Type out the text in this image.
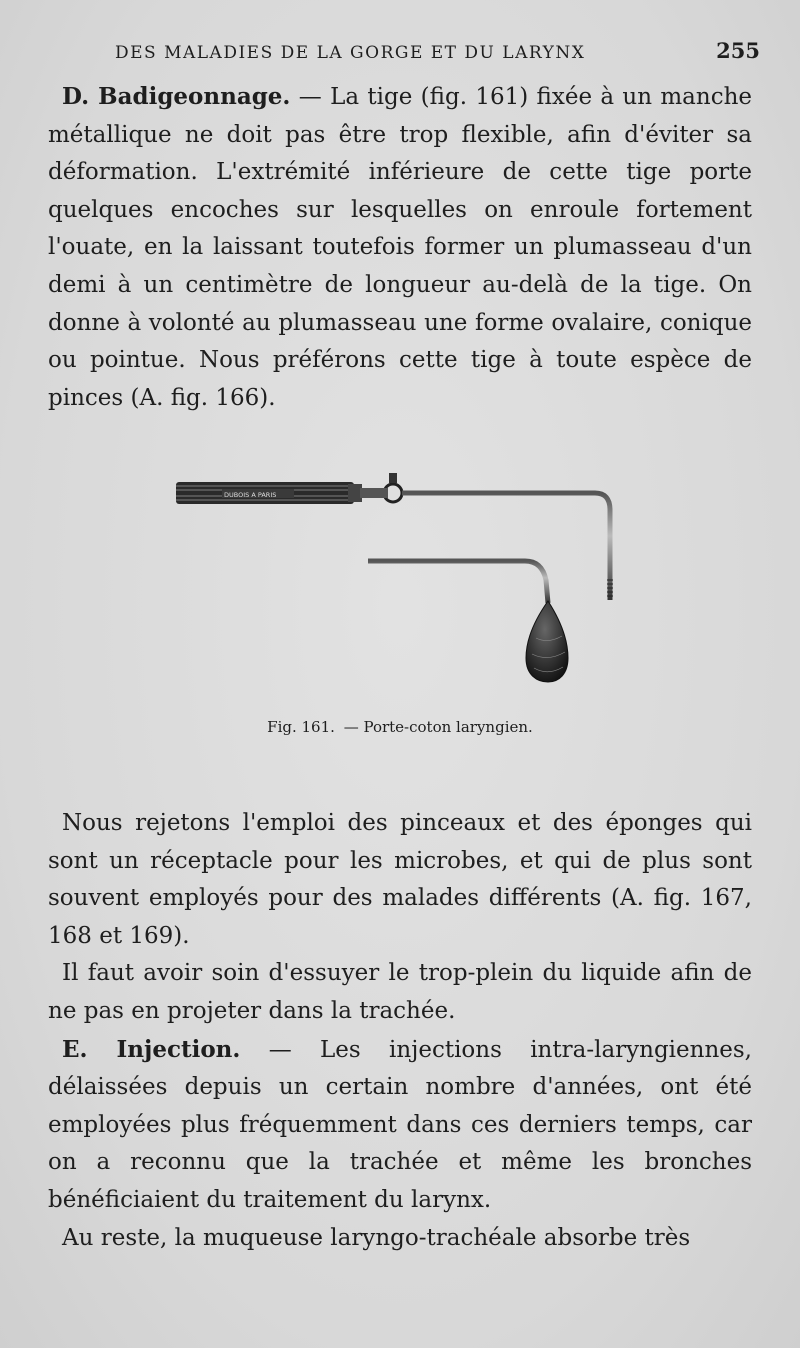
DES MALADIES DE LA GORGE ET DU LARYNX	255

D. Badigeonnage. — La tige (fig. 161) fixée à un manche métallique ne doit pas être trop flexible, afin d'éviter sa déformation. L'extrémité inférieure de cette tige porte quelques encoches sur lesquelles on enroule fortement l'ouate, en la laissant toutefois former un plumasseau d'un demi à un centimètre de longueur au-delà de la tige. On donne à volonté au plumasseau une forme ovalaire, conique ou pointue. Nous préférons cette tige à toute espèce de pinces (A. fig. 166).

DUBOIS A PARIS
Fig. 161. — Porte-coton laryngien.

Nous rejetons l'emploi des pinceaux et des éponges qui sont un réceptacle pour les microbes, et qui de plus sont souvent employés pour des malades différents (A. fig. 167, 168 et 169).

Il faut avoir soin d'essuyer le trop-plein du liquide afin de ne pas en projeter dans la trachée.

E. Injection. — Les injections intra-laryngiennes, délaissées depuis un certain nombre d'années, ont été employées plus fréquemment dans ces derniers temps, car on a reconnu que la trachée et même les bronches bénéficiaient du traitement du larynx.

Au reste, la muqueuse laryngo-trachéale absorbe très
